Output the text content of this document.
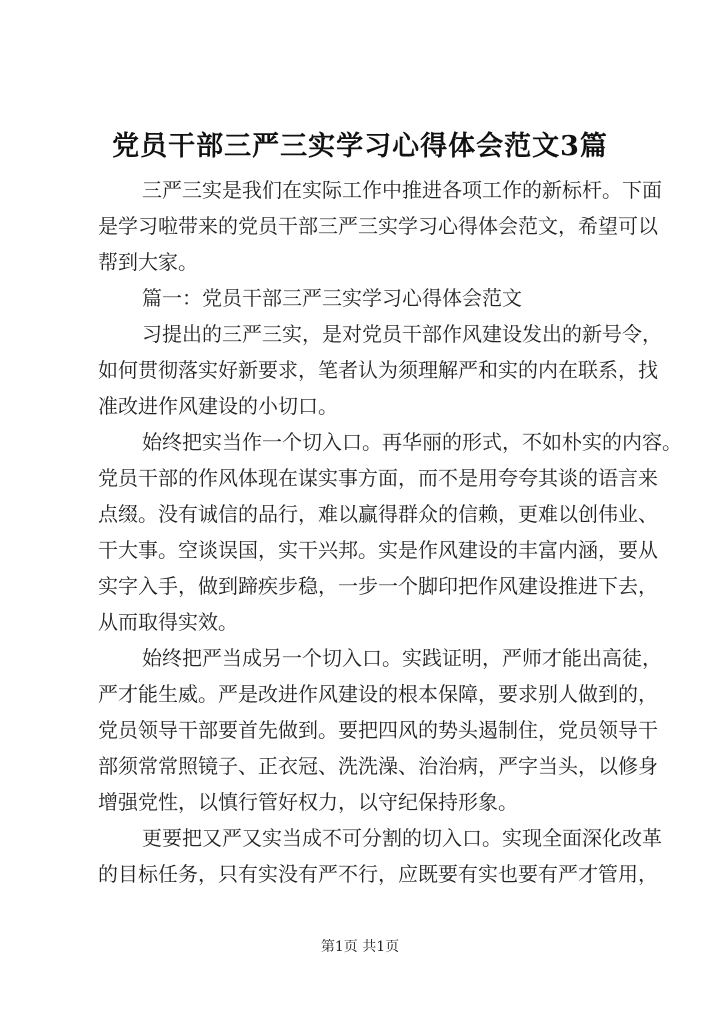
党员干部三严三实学习心得体会范文3篇
三严三实是我们在实际工作中推进各项工作的新标杆。下面
是学习啦带来的党员干部三严三实学习心得体会范文，希望可以
帮到大家。
篇一：党员干部三严三实学习心得体会范文
习提出的三严三实，是对党员干部作风建设发出的新号令，
如何贯彻落实好新要求，笔者认为须理解严和实的内在联系，找
准改进作风建设的小切口。
始终把实当作一个切入口。再华丽的形式，不如朴实的内容。
党员干部的作风体现在谋实事方面，而不是用夸夸其谈的语言来
点缀。没有诚信的品行，难以赢得群众的信赖，更难以创伟业、
干大事。空谈误国，实干兴邦。实是作风建设的丰富内涵，要从
实字入手，做到蹄疾步稳，一步一个脚印把作风建设推进下去，
从而取得实效。
始终把严当成另一个切入口。实践证明，严师才能出高徒，
严才能生威。严是改进作风建设的根本保障，要求别人做到的，
党员领导干部要首先做到。要把四风的势头遏制住，党员领导干
部须常常照镜子、正衣冠、洗洗澡、治治病，严字当头，以修身
增强党性，以慎行管好权力，以守纪保持形象。
更要把又严又实当成不可分割的切入口。实现全面深化改革
的目标任务，只有实没有严不行，应既要有实也要有严才管用，
第1页 共1页
